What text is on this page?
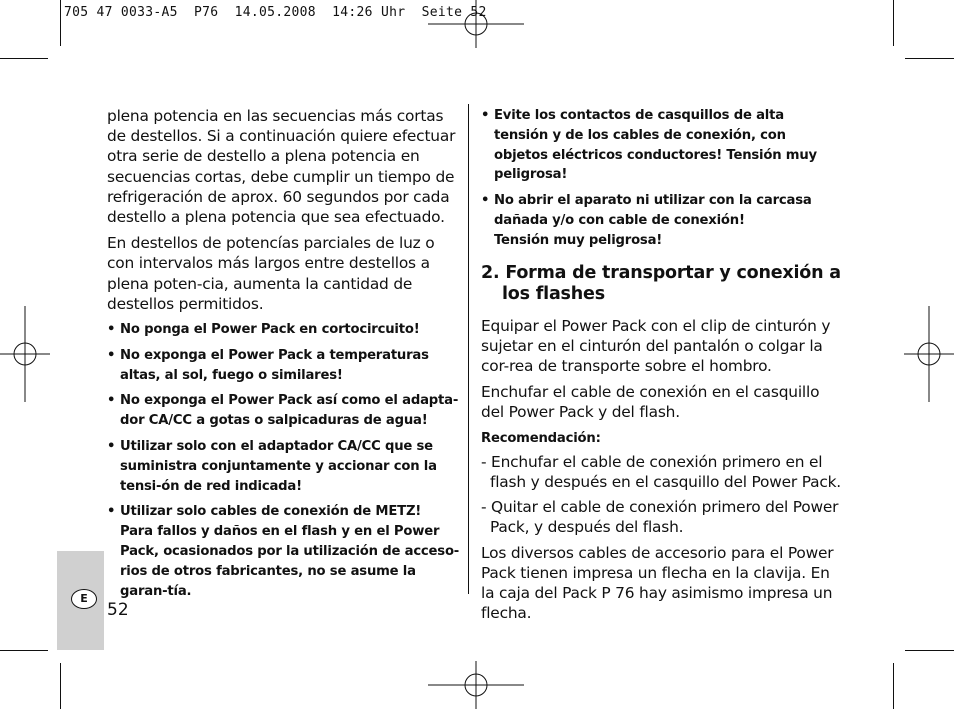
705 47 0033-A5  P76  14.05.2008  14:26 Uhr  Seite 52
E
52

plena potencia en las secuencias más cortas de destellos. Si a continuación quiere efectuar otra serie de destello a plena potencia en secuencias cortas, debe cumplir un tiempo de refrigeración de aprox. 60 segundos por cada destello a plena potencia que sea efectuado.

En destellos de potencías parciales de luz o con intervalos más largos entre destellos a plena poten-cia, aumenta la cantidad de destellos permitidos.

• No ponga el Power Pack en cortocircuito!
• No exponga el Power Pack a temperaturas altas, al sol, fuego o similares!
• No exponga el Power Pack así como el adapta-dor CA/CC a gotas o salpicaduras de agua!
• Utilizar solo con el adaptador CA/CC que se suministra conjuntamente y accionar con la tensi-ón de red indicada!
• Utilizar solo cables de conexión de METZ!
Para fallos y daños en el flash y en el Power Pack, ocasionados por la utilización de acceso-rios de otros fabricantes, no se asume la garan-tía.
• Evite los contactos de casquillos de alta tensión y de los cables de conexión, con objetos eléctricos conductores! Tensión muy peligrosa!
• No abrir el aparato ni utilizar con la carcasa dañada y/o con cable de conexión!
Tensión muy peligrosa!
2. Forma de transportar y conexión a los flashes

Equipar el Power Pack con el clip de cinturón y sujetar en el cinturón del pantalón o colgar la cor-rea de transporte sobre el hombro.

Enchufar el cable de conexión en el casquillo del Power Pack y del flash.

Recomendación:
- Enchufar el cable de conexión primero en el flash y después en el casquillo del Power Pack.
- Quitar el cable de conexión primero del Power Pack, y después del flash.

Los diversos cables de accesorio para el Power Pack tienen impresa un flecha en la clavija. En la caja del Pack P 76 hay asimismo impresa un flecha.
